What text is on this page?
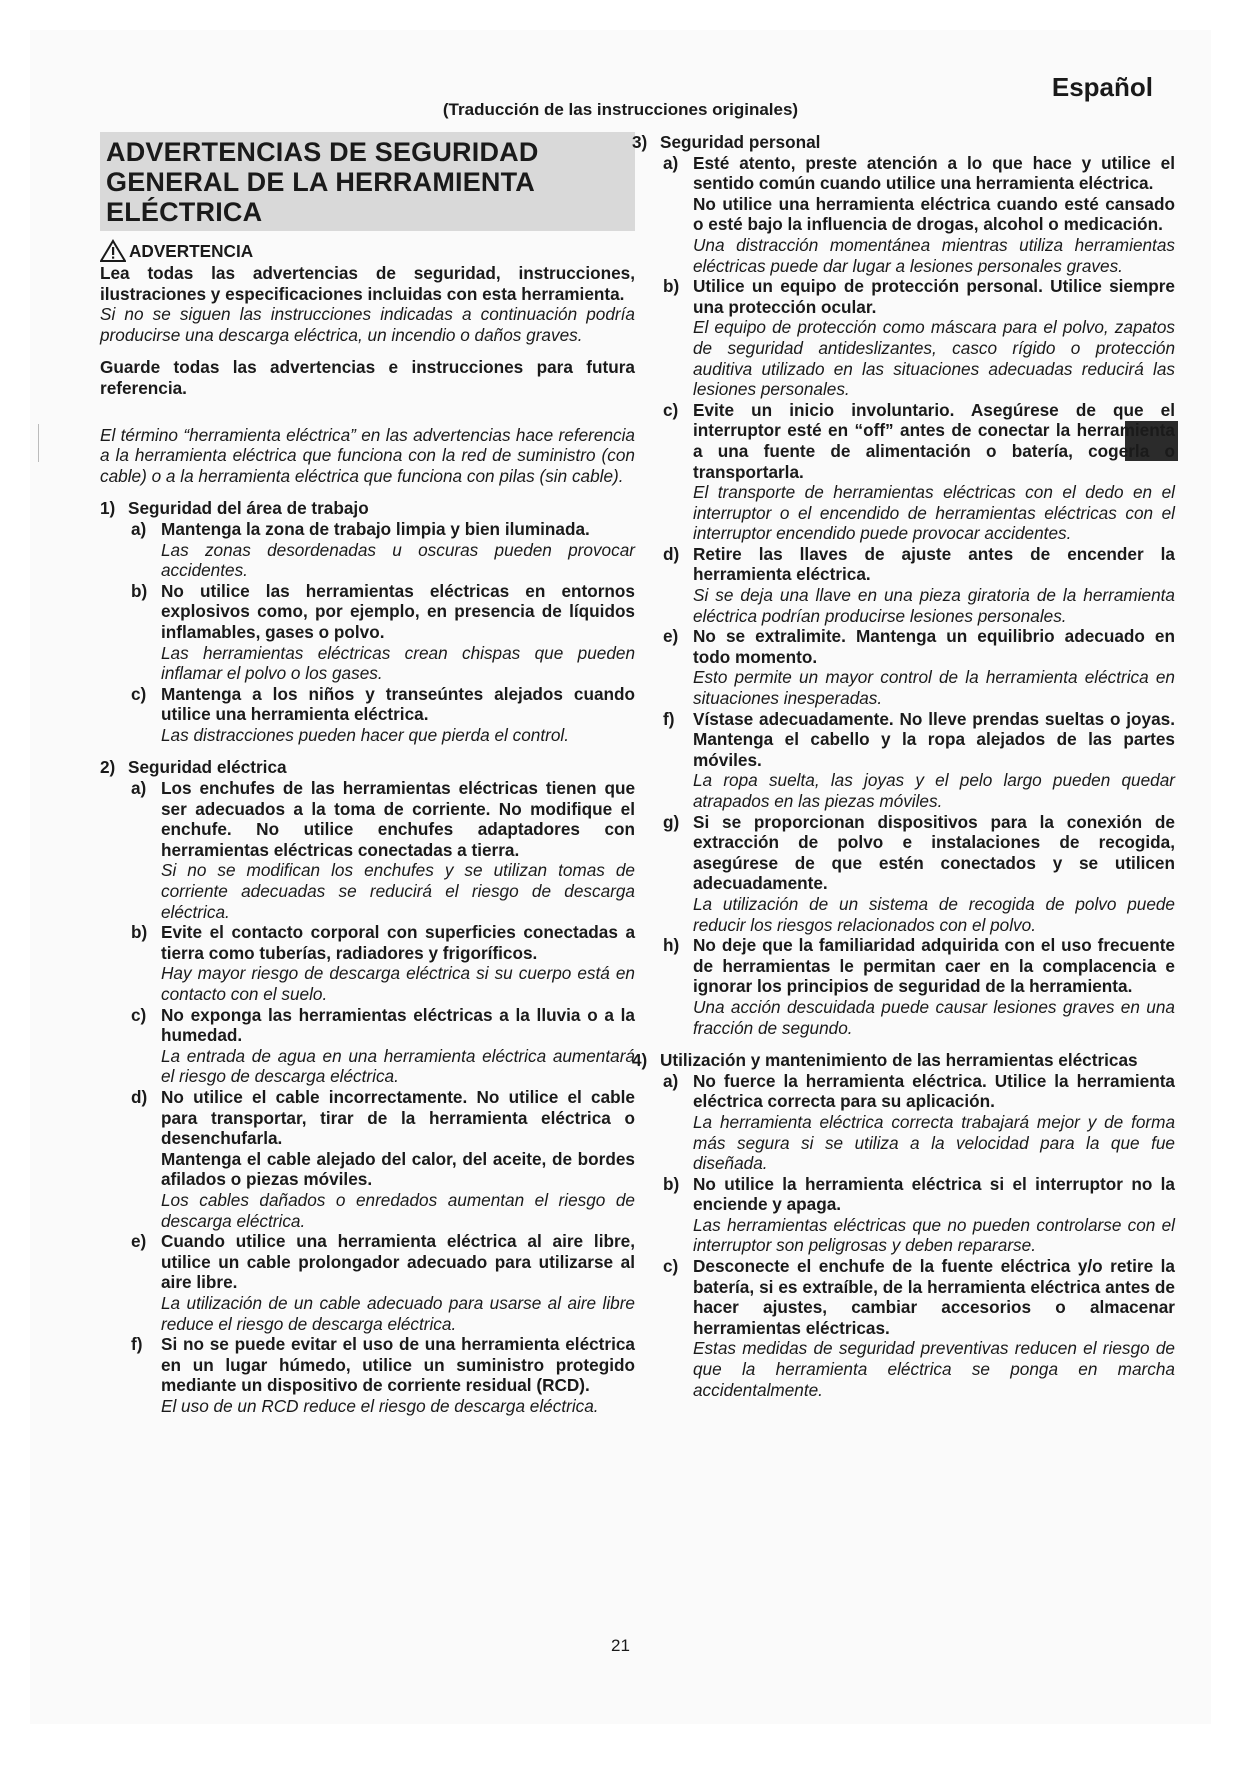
Español
(Traducción de las instrucciones originales)
ADVERTENCIAS DE SEGURIDAD GENERAL DE LA HERRAMIENTA ELÉCTRICA
ADVERTENCIA

Lea todas las advertencias de seguridad, instrucciones, ilustraciones y especificaciones incluidas con esta herramienta.

Si no se siguen las instrucciones indicadas a continuación podría producirse una descarga eléctrica, un incendio o daños graves.

Guarde todas las advertencias e instrucciones para futura referencia.

El término “herramienta eléctrica” en las advertencias hace referencia a la herramienta eléctrica que funciona con la red de suministro (con cable) o a la herramienta eléctrica que funciona con pilas (sin cable).

1) Seguridad del área de trabajo
a) Mantenga la zona de trabajo limpia y bien iluminada.

Las zonas desordenadas u oscuras pueden provocar accidentes.

b) No utilice las herramientas eléctricas en entornos explosivos como, por ejemplo, en presencia de líquidos inflamables, gases o polvo.

Las herramientas eléctricas crean chispas que pueden inflamar el polvo o los gases.

c) Mantenga a los niños y transeúntes alejados cuando utilice una herramienta eléctrica.

Las distracciones pueden hacer que pierda el control.

2) Seguridad eléctrica
a) Los enchufes de las herramientas eléctricas tienen que ser adecuados a la toma de corriente. No modifique el enchufe. No utilice enchufes adaptadores con herramientas eléctricas conectadas a tierra.

Si no se modifican los enchufes y se utilizan tomas de corriente adecuadas se reducirá el riesgo de descarga eléctrica.

b) Evite el contacto corporal con superficies conectadas a tierra como tuberías, radiadores y frigoríficos.

Hay mayor riesgo de descarga eléctrica si su cuerpo está en contacto con el suelo.

c) No exponga las herramientas eléctricas a la lluvia o a la humedad.

La entrada de agua en una herramienta eléctrica aumentará el riesgo de descarga eléctrica.

d) No utilice el cable incorrectamente. No utilice el cable para transportar, tirar de la herramienta eléctrica o desenchufarla.

Mantenga el cable alejado del calor, del aceite, de bordes afilados o piezas móviles.

Los cables dañados o enredados aumentan el riesgo de descarga eléctrica.

e) Cuando utilice una herramienta eléctrica al aire libre, utilice un cable prolongador adecuado para utilizarse al aire libre.

La utilización de un cable adecuado para usarse al aire libre reduce el riesgo de descarga eléctrica.

f)	Si no se puede evitar el uso de una herramienta eléctrica en un lugar húmedo, utilice un suministro protegido mediante un dispositivo de corriente residual (RCD).

El uso de un RCD reduce el riesgo de descarga eléctrica.

3) Seguridad personal
a) Esté atento, preste atención a lo que hace y utilice el sentido común cuando utilice una herramienta eléctrica.

No utilice una herramienta eléctrica cuando esté cansado o esté bajo la influencia de drogas, alcohol o medicación.

Una distracción momentánea mientras utiliza herramientas eléctricas puede dar lugar a lesiones personales graves.

b) Utilice un equipo de protección personal. Utilice siempre una protección ocular.

El equipo de protección como máscara para el polvo, zapatos de seguridad antideslizantes, casco rígido o protección auditiva utilizado en las situaciones adecuadas reducirá las lesiones personales.

c) Evite un inicio involuntario. Asegúrese de que el interruptor esté en “off” antes de conectar la herramienta a una fuente de alimentación o batería, cogerla o transportarla.

El transporte de herramientas eléctricas con el dedo en el interruptor o el encendido de herramientas eléctricas con el interruptor encendido puede provocar accidentes.

d) Retire las llaves de ajuste antes de encender la herramienta eléctrica.

Si se deja una llave en una pieza giratoria de la herramienta eléctrica podrían producirse lesiones personales.

e) No se extralimite. Mantenga un equilibrio adecuado en todo momento.

Esto permite un mayor control de la herramienta eléctrica en situaciones inesperadas.

f)	Vístase adecuadamente. No lleve prendas sueltas o joyas. Mantenga el cabello y la ropa alejados de las partes móviles.

La ropa suelta, las joyas y el pelo largo pueden quedar atrapados en las piezas móviles.

g) Si se proporcionan dispositivos para la conexión de extracción de polvo e instalaciones de recogida, asegúrese de que estén conectados y se utilicen adecuadamente.

La utilización de un sistema de recogida de polvo puede reducir los riesgos relacionados con el polvo.

h) No deje que la familiaridad adquirida con el uso frecuente de herramientas le permitan caer en la complacencia e ignorar los principios de seguridad de la herramienta.

Una acción descuidada puede causar lesiones graves en una fracción de segundo.

4) Utilización y mantenimiento de las herramientas eléctricas
a) No fuerce la herramienta eléctrica. Utilice la herramienta eléctrica correcta para su aplicación.

La herramienta eléctrica correcta trabajará mejor y de forma más segura si se utiliza a la velocidad para la que fue diseñada.

b) No utilice la herramienta eléctrica si el interruptor no la enciende y apaga.

Las herramientas eléctricas que no pueden controlarse con el interruptor son peligrosas y deben repararse.

c) Desconecte el enchufe de la fuente eléctrica y/o retire la batería, si es extraíble, de la herramienta eléctrica antes de hacer ajustes, cambiar accesorios o almacenar herramientas eléctricas.

Estas medidas de seguridad preventivas reducen el riesgo de que la herramienta eléctrica se ponga en marcha accidentalmente.

21
